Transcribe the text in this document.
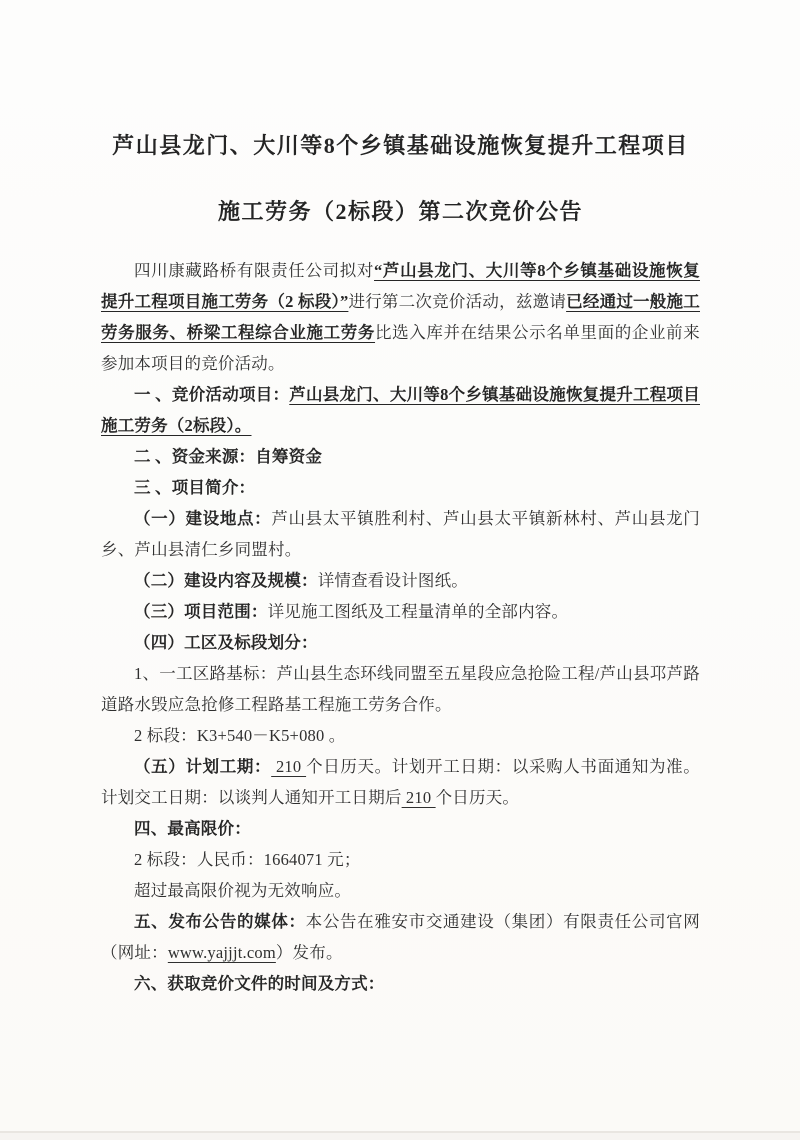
芦山县龙门、大川等8个乡镇基础设施恢复提升工程项目
施工劳务（2标段）第二次竞价公告

四川康藏路桥有限责任公司拟对“芦山县龙门、大川等8个乡镇基础设施恢复提升工程项目施工劳务（2 标段）”进行第二次竞价活动，兹邀请已经通过一般施工劳务服务、桥梁工程综合业施工劳务比选入库并在结果公示名单里面的企业前来参加本项目的竞价活动。

一 、竞价活动项目：芦山县龙门、大川等8个乡镇基础设施恢复提升工程项目施工劳务（2标段）。

二 、资金来源：自筹资金

三 、项目简介：

（一）建设地点：芦山县太平镇胜利村、芦山县太平镇新林村、芦山县龙门乡、芦山县清仁乡同盟村。

（二）建设内容及规模：详情查看设计图纸。

（三）项目范围：详见施工图纸及工程量清单的全部内容。

（四）工区及标段划分：

1、一工区路基标：芦山县生态环线同盟至五星段应急抢险工程/芦山县邛芦路道路水毁应急抢修工程路基工程施工劳务合作。

2 标段：K3+540－K5+080 。

（五）计划工期： 210 个日历天。计划开工日期：以采购人书面通知为准。计划交工日期：以谈判人通知开工日期后 210 个日历天。

四、最高限价：

2 标段：人民币：1664071 元；

超过最高限价视为无效响应。

五、发布公告的媒体：本公告在雅安市交通建设（集团）有限责任公司官网（网址：www.yajjjt.com）发布。

六、获取竞价文件的时间及方式：
